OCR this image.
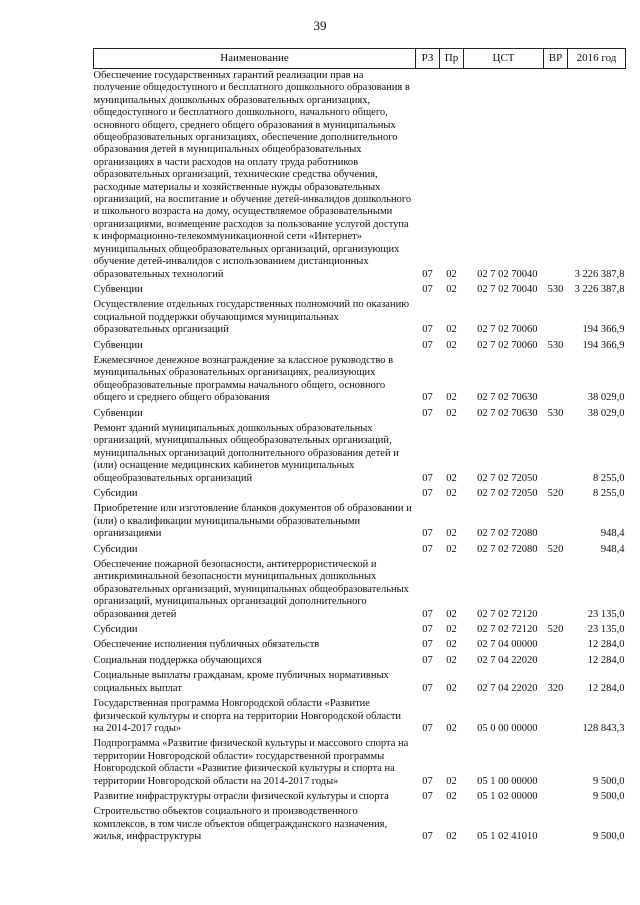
39
Наименование	РЗ	Пр	ЦСТ	ВР	2016 год
Обеспечение государственных гарантий реализации прав на получение общедоступного и бесплатного дошкольного образования в муниципальных дошкольных образовательных организациях, общедоступного и бесплатного дошкольного, начального общего, основного общего, среднего общего образования в муниципальных общеобразовательных организациях, обеспечение дополнительного образования детей в муниципальных общеобразовательных организациях в части расходов на оплату труда работников образовательных организаций, технические средства обучения, расходные материалы и хозяйственные нужды образовательных организаций, на воспитание и обучение детей-инвалидов дошкольного и школьного возраста на дому, осуществляемое образовательными организациями, возмещение расходов за пользование услугой доступа к информационно-телекоммуникационной сети «Интернет» муниципальных общеобразовательных организаций, организующих обучение детей-инвалидов с использованием дистанционных образовательных технологий	07	02	02 7 02 70040		3 226 387,8
Субвенции	07	02	02 7 02 70040	530	3 226 387,8
Осуществление отдельных государственных полномочий по оказанию социальной поддержки обучающимся муниципальных образовательных организаций	07	02	02 7 02 70060		194 366,9
Субвенции	07	02	02 7 02 70060	530	194 366,9
Ежемесячное денежное вознаграждение за классное руководство в муниципальных образовательных организациях, реализующих общеобразовательные программы начального общего, основного общего и среднего общего образования	07	02	02 7 02 70630		38 029,0
Субвенции	07	02	02 7 02 70630	530	38 029,0
Ремонт зданий муниципальных дошкольных образовательных организаций, муниципальных общеобразовательных организаций, муниципальных организаций дополнительного образования детей и (или) оснащение медицинских кабинетов муниципальных общеобразовательных организаций	07	02	02 7 02 72050		8 255,0
Субсидии	07	02	02 7 02 72050	520	8 255,0
Приобретение или изготовление бланков документов об образовании и (или) о квалификации муниципальными образовательными организациями	07	02	02 7 02 72080		948,4
Субсидии	07	02	02 7 02 72080	520	948,4
Обеспечение пожарной безопасности, антитеррористической и антикриминальной безопасности муниципальных дошкольных образовательных организаций, муниципальных общеобразовательных организаций, муниципальных организаций дополнительного образования детей	07	02	02 7 02 72120		23 135,0
Субсидии	07	02	02 7 02 72120	520	23 135,0
Обеспечение исполнения публичных обязательств	07	02	02 7 04 00000		12 284,0
Социальная поддержка обучающихся	07	02	02 7 04 22020		12 284,0
Социальные выплаты гражданам, кроме публичных нормативных социальных выплат	07	02	02 7 04 22020	320	12 284,0
Государственная программа Новгородской области «Развитие физической культуры и спорта на территории Новгородской области на 2014-2017 годы»	07	02	05 0 00 00000		128 843,3
Подпрограмма «Развитие физической культуры и массового спорта на территории Новгородской области» государственной программы Новгородской области «Развитие физической культуры и спорта на территории Новгородской области на 2014-2017 годы»	07	02	05 1 00 00000		9 500,0
Развитие инфраструктуры отрасли физической культуры и спорта	07	02	05 1 02 00000		9 500,0
Строительство объектов социального и производственного комплексов, в том числе объектов общегражданского назначения, жилья, инфраструктуры	07	02	05 1 02 41010		9 500,0
